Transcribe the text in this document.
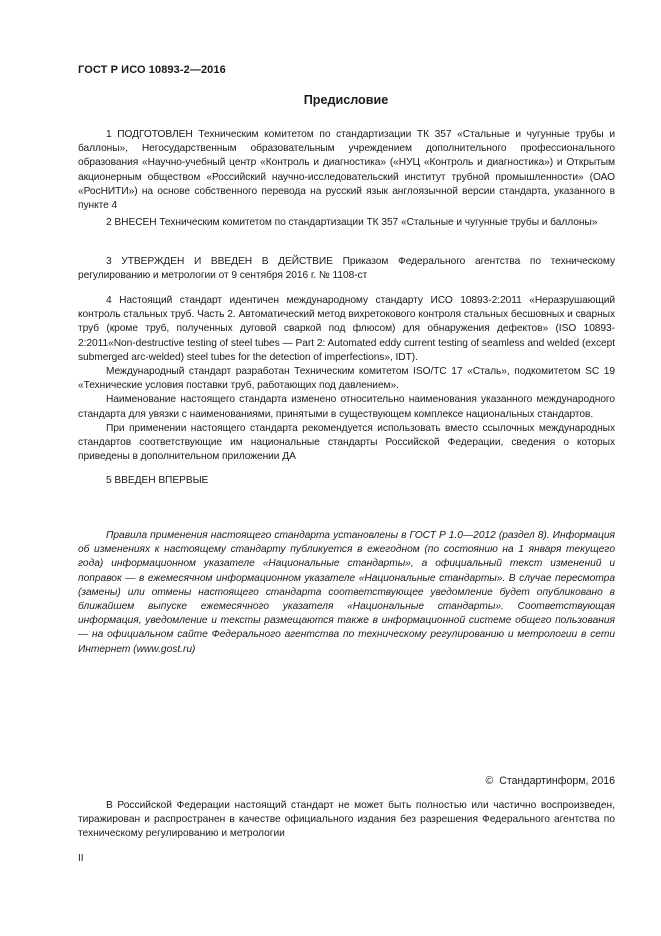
ГОСТ Р ИСО 10893-2—2016
Предисловие
1 ПОДГОТОВЛЕН Техническим комитетом по стандартизации ТК 357 «Стальные и чугунные трубы и баллоны», Негосударственным образовательным учреждением дополнительного профессионального образования «Научно-учебный центр «Контроль и диагностика» («НУЦ «Контроль и диагностика») и Открытым акционерным обществом «Российский научно-исследовательский институт трубной промышленности» (ОАО «РосНИТИ») на основе собственного перевода на русский язык англоязычной версии стандарта, указанного в пункте 4
2 ВНЕСЕН Техническим комитетом по стандартизации ТК 357 «Стальные и чугунные трубы и баллоны»
3 УТВЕРЖДЕН И ВВЕДЕН В ДЕЙСТВИЕ Приказом Федерального агентства по техническому регулированию и метрологии от 9 сентября 2016 г. № 1108-ст

4 Настоящий стандарт идентичен международному стандарту ИСО 10893-2:2011 «Неразрушающий контроль стальных труб. Часть 2. Автоматический метод вихретокового контроля стальных бесшовных и сварных труб (кроме труб, полученных дуговой сваркой под флюсом) для обнаружения дефектов» (ISO 10893-2:2011«Non-destructive testing of steel tubes — Part 2: Automated eddy current testing of seamless and welded (except submerged arc-welded) steel tubes for the detection of imperfections», IDT).

Международный стандарт разработан Техническим комитетом ISO/TC 17 «Сталь», подкомитетом SC 19 «Технические условия поставки труб, работающих под давлением».

Наименование настоящего стандарта изменено относительно наименования указанного международного стандарта для увязки с наименованиями, принятыми в существующем комплексе национальных стандартов.

При применении настоящего стандарта рекомендуется использовать вместо ссылочных международных стандартов соответствующие им национальные стандарты Российской Федерации, сведения о которых приведены в дополнительном приложении ДА

5 ВВЕДЕН ВПЕРВЫЕ
Правила применения настоящего стандарта установлены в ГОСТ Р 1.0—2012 (раздел 8). Информация об изменениях к настоящему стандарту публикуется в ежегодном (по состоянию на 1 января текущего года) информационном указателе «Национальные стандарты», а официальный текст изменений и поправок — в ежемесячном информационном указателе «Национальные стандарты». В случае пересмотра (замены) или отмены настоящего стандарта соответствующее уведомление будет опубликовано в ближайшем выпуске ежемесячного указателя «Национальные стандарты». Соответствующая информация, уведомление и тексты размещаются также в информационной системе общего пользования — на официальном сайте Федерального агентства по техническому регулированию и метрологии в сети Интернет (www.gost.ru)
© Стандартинформ, 2016
В Российской Федерации настоящий стандарт не может быть полностью или частично воспроизведен, тиражирован и распространен в качестве официального издания без разрешения Федерального агентства по техническому регулированию и метрологии
II
